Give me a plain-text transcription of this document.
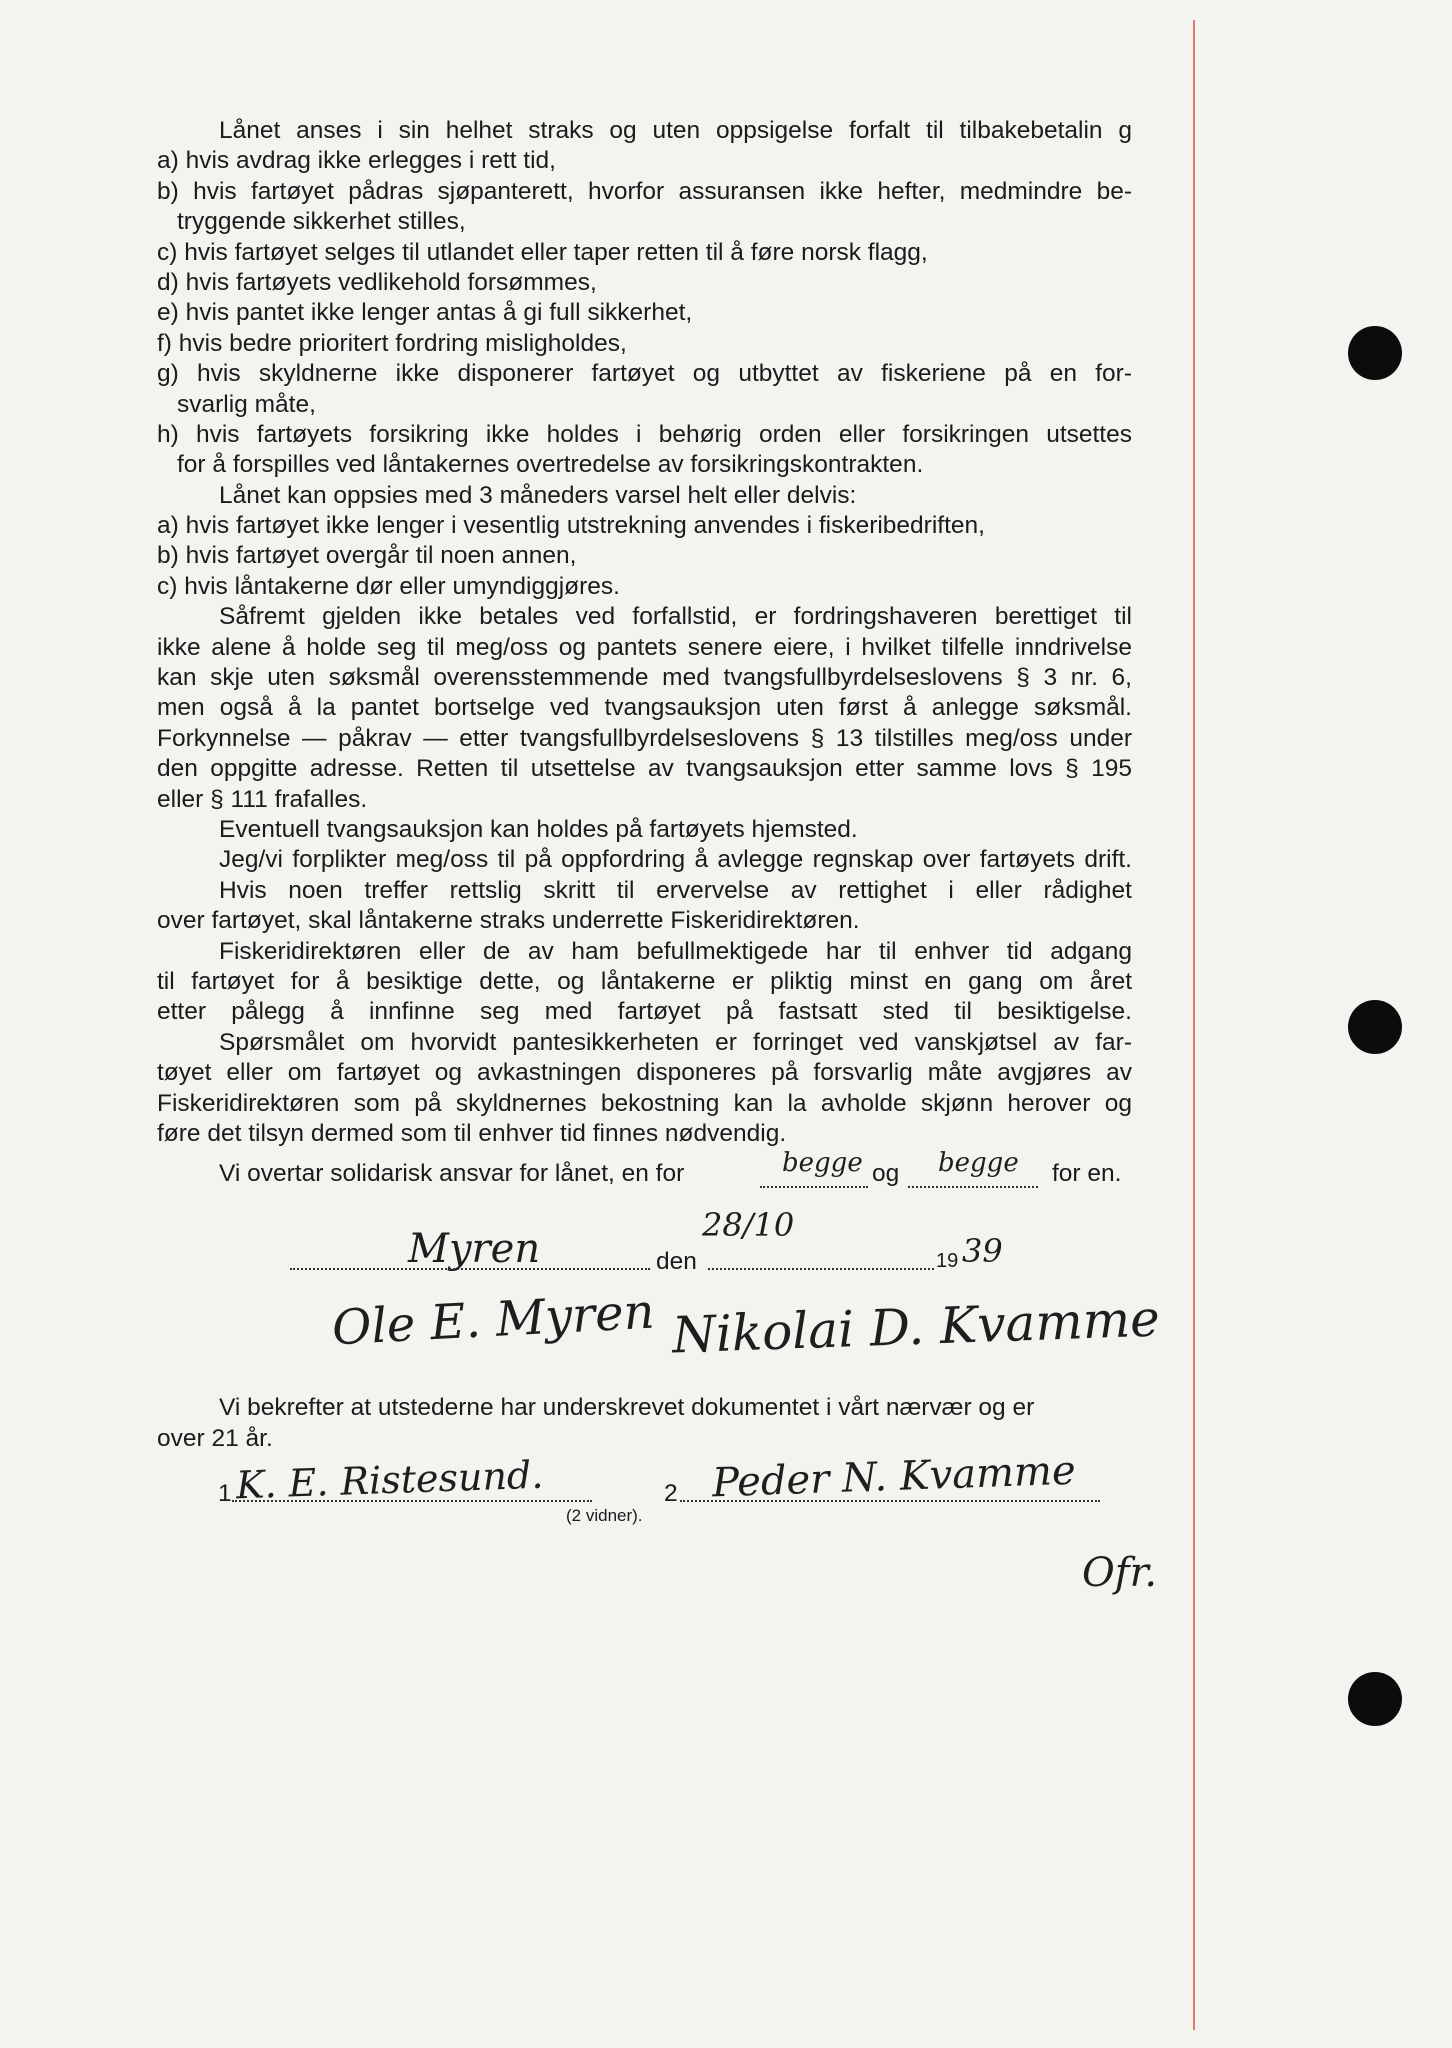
Lånet anses i sin helhet straks og uten oppsigelse forfalt til tilbakebetalin g
a) hvis avdrag ikke erlegges i rett tid,
b) hvis fartøyet pådras sjøpanterett, hvorfor assuransen ikke hefter, medmindre be-
tryggende sikkerhet stilles,
c) hvis fartøyet selges til utlandet eller taper retten til å føre norsk flagg,
d) hvis fartøyets vedlikehold forsømmes,
e) hvis pantet ikke lenger antas å gi full sikkerhet,
f) hvis bedre prioritert fordring misligholdes,
g) hvis skyldnerne ikke disponerer fartøyet og utbyttet av fiskeriene på en for-
svarlig måte,
h) hvis fartøyets forsikring ikke holdes i behørig orden eller forsikringen utsettes
for å forspilles ved låntakernes overtredelse av forsikringskontrakten.
Lånet kan oppsies med 3 måneders varsel helt eller delvis:
a) hvis fartøyet ikke lenger i vesentlig utstrekning anvendes i fiskeribedriften,
b) hvis fartøyet overgår til noen annen,
c) hvis låntakerne dør eller umyndiggjøres.
Såfremt gjelden ikke betales ved forfallstid, er fordringshaveren berettiget til
ikke alene å holde seg til meg/oss og pantets senere eiere, i hvilket tilfelle inndrivelse
kan skje uten søksmål overensstemmende med tvangsfullbyrdelseslovens § 3 nr. 6,
men også å la pantet bortselge ved tvangsauksjon uten først å anlegge søksmål.
Forkynnelse — påkrav — etter tvangsfullbyrdelseslovens § 13 tilstilles meg/oss under
den oppgitte adresse. Retten til utsettelse av tvangsauksjon etter samme lovs § 195
eller § 111 frafalles.
Eventuell tvangsauksjon kan holdes på fartøyets hjemsted.
Jeg/vi forplikter meg/oss til på oppfordring å avlegge regnskap over fartøyets drift.
Hvis noen treffer rettslig skritt til ervervelse av rettighet i eller rådighet
over fartøyet, skal låntakerne straks underrette Fiskeridirektøren.
Fiskeridirektøren eller de av ham befullmektigede har til enhver tid adgang
til fartøyet for å besiktige dette, og låntakerne er pliktig minst en gang om året
etter pålegg å innfinne seg med fartøyet på fastsatt sted til besiktigelse.
Spørsmålet om hvorvidt pantesikkerheten er forringet ved vanskjøtsel av far-
tøyet eller om fartøyet og avkastningen disponeres på forsvarlig måte avgjøres av
Fiskeridirektøren som på skyldnernes bekostning kan la avholde skjønn herover og
føre det tilsyn dermed som til enhver tid finnes nødvendig.
Vi overtar solidarisk ansvar for lånet, en for	begge og begge for en.
Myren	den
28/10
19 39
Ole E. Myren Nikolai D. Kvamme
Vi bekrefter at utstederne har underskrevet dokumentet i vårt nærvær og er
over 21 år.
1 K. E. Ristesund.	2 Peder N. Kvamme
(2 vidner).
Ofr.
